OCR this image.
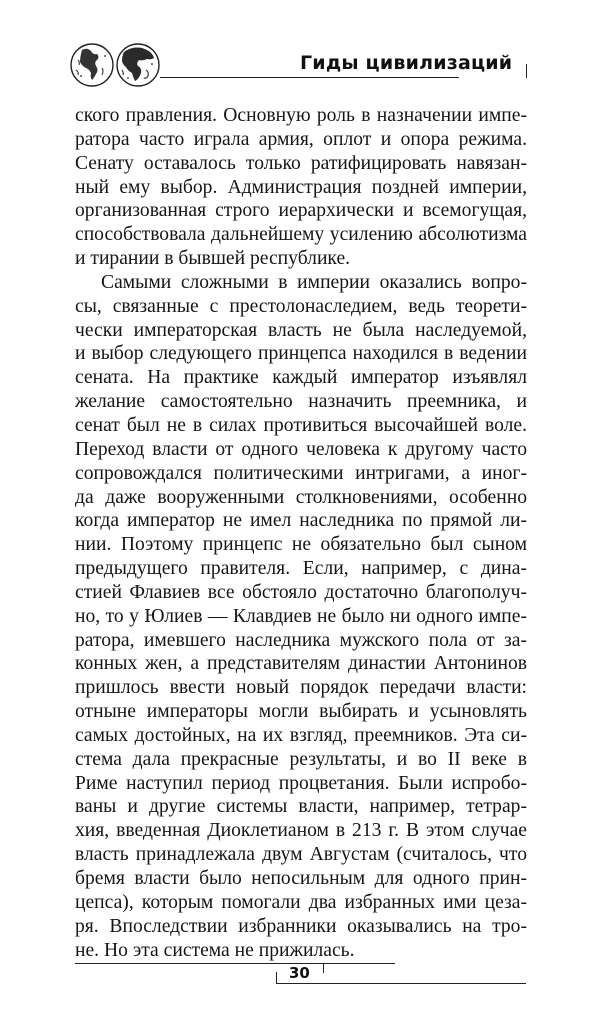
Гиды цивилизаций
ского правления. Основную роль в назначении импе-
ратора часто играла армия, оплот и опора режима.
Сенату оставалось только ратифицировать навязан-
ный ему выбор. Администрация поздней империи,
организованная строго иерархически и всемогущая,
способствовала дальнейшему усилению абсолютизма
и тирании в бывшей республике.
Самыми сложными в империи оказались вопро-
сы, связанные с престолонаследием, ведь теорети-
чески императорская власть не была наследуемой,
и выбор следующего принцепса находился в ведении
сената. На практике каждый император изъявлял
желание самостоятельно назначить преемника, и
сенат был не в силах противиться высочайшей воле.
Переход власти от одного человека к другому часто
сопровождался политическими интригами, а иног-
да даже вооруженными столкновениями, особенно
когда император не имел наследника по прямой ли-
нии. Поэтому принцепс не обязательно был сыном
предыдущего правителя. Если, например, с дина-
стией Флавиев все обстояло достаточно благополуч-
но, то у Юлиев — Клавдиев не было ни одного импе-
ратора, имевшего наследника мужского пола от за-
конных жен, а представителям династии Антонинов
пришлось ввести новый порядок передачи власти:
отныне императоры могли выбирать и усыновлять
самых достойных, на их взгляд, преемников. Эта си-
стема дала прекрасные результаты, и во II веке в
Риме наступил период процветания. Были испробо-
ваны и другие системы власти, например, тетрар-
хия, введенная Диоклетианом в 213 г. В этом случае
власть принадлежала двум Августам (считалось, что
бремя власти было непосильным для одного прин-
цепса), которым помогали два избранных ими цеза-
ря. Впоследствии избранники оказывались на тро-
не. Но эта система не прижилась.
30
